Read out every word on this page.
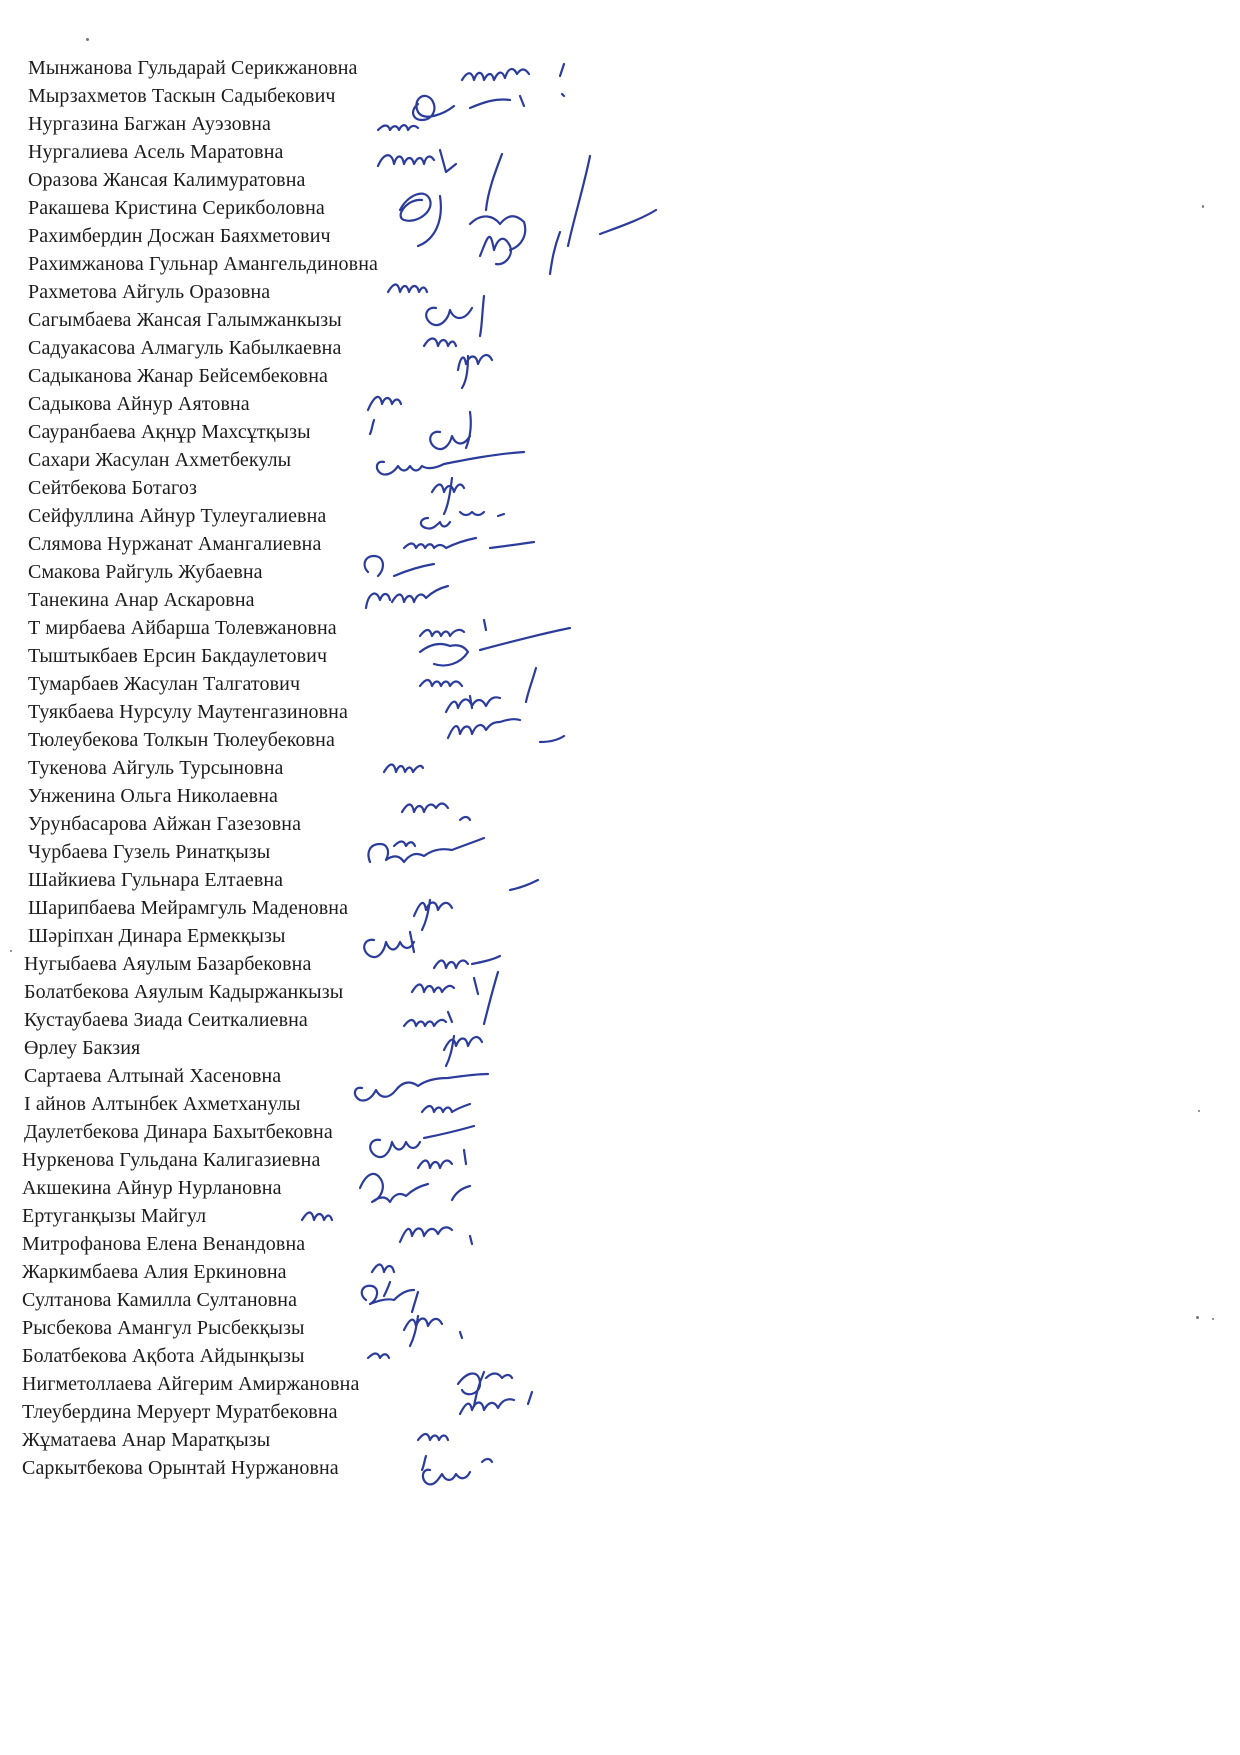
Мынжанова Гульдарай Серикжановна
Мырзахметов Таскын Садыбекович
Нургазина Багжан Ауэзовна
Нургалиева Асель Маратовна
Оразова Жансая Калимуратовна
Ракашева Кристина Серикболовна
Рахимбердин Досжан Баяхметович
Рахимжанова Гульнар Амангельдиновна
Рахметова Айгуль Оразовна
Сагымбаева Жансая Галымжанкызы
Садуакасова Алмагуль Кабылкаевна
Садыканова Жанар Бейсембековна
Садыкова Айнур Аятовна
Сауранбаева Ақнұр Махсұтқызы
Сахари Жасулан Ахметбекулы
Сейтбекова Ботагоз
Сейфуллина Айнур Тулеугалиевна
Слямова Нуржанат Амангалиевна
Смакова Райгуль Жубаевна
Танекина Анар Аскаровна
Т мирбаева Айбарша Толевжановна
Тыштыкбаев Ерсин Бакдаулетович
Тумарбаев Жасулан Талгатович
Туякбаева Нурсулу Маутенгазиновна
Тюлеубекова Толкын Тюлеубековна
Тукенова Айгуль Турсыновна
Унженина Ольга Николаевна
Урунбасарова Айжан Газезовна
Чурбаева Гузель Ринатқызы
Шайкиева Гульнара Елтаевна
Шарипбаева Мейрамгуль Маденовна
Шәріпхан Динара Ермекқызы
Нугыбаева Аяулым Базарбековна
Болатбекова Аяулым Кадыржанкызы
Кустаубаева Зиада Сеиткалиевна
Өрлеу Бакзия
Сартаева Алтынай Хасеновна
І айнов Алтынбек Ахметханулы
Даулетбекова Динара Бахытбековна
Нуркенова Гульдана Калигазиевна
Акшекина Айнур Нурлановна
Ертуганқызы Майгул
Митрофанова Елена Венандовна
Жаркимбаева Алия Еркиновна
Султанова Камилла Султановна
Рысбекова Амангул Рысбекқызы
Болатбекова Ақбота Айдынқызы
Нигметоллаева Айгерим Амиржановна
Тлеубердина Меруерт Муратбековна
Жұматаева Анар Маратқызы
Саркытбекова Орынтай Нуржановна
